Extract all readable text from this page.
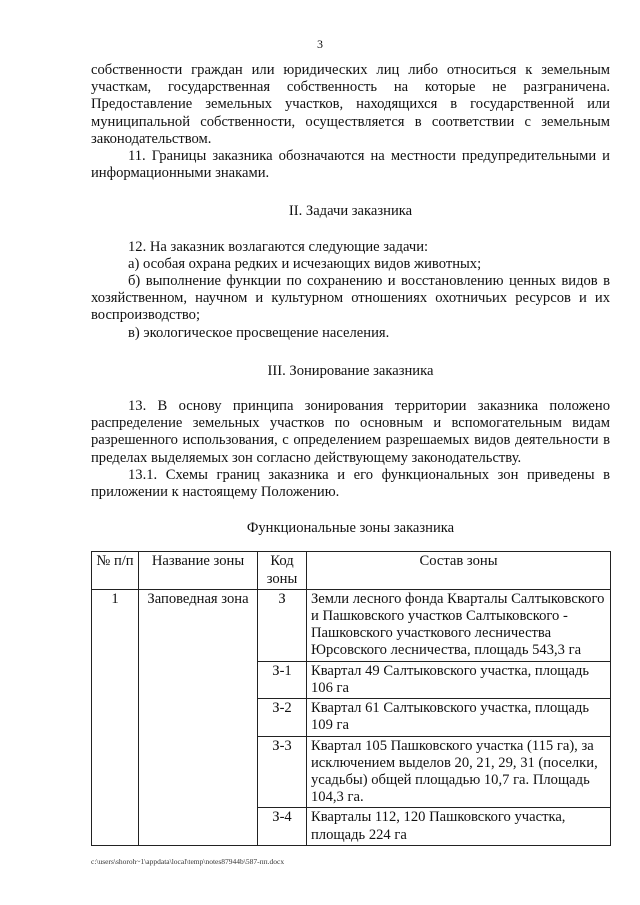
3

собственности граждан или юридических лиц либо относиться к земельным участкам, государственная собственность на которые не разграничена. Предоставление земельных участков, находящихся в государственной или муниципальной собственности, осуществляется в соответствии с земельным законодательством.

11. Границы заказника обозначаются на местности предупредительными и информационными знаками.

II. Задачи заказника

12. На заказник возлагаются следующие задачи:

а) особая охрана редких и исчезающих видов животных;

б) выполнение функции по сохранению и восстановлению ценных видов в хозяйственном, научном и культурном отношениях охотничьих ресурсов и их воспроизводство;

в) экологическое просвещение населения.

III. Зонирование заказника

13. В основу принципа зонирования территории заказника положено распределение земельных участков по основным и вспомогательным видам разрешенного использования, с определением разрешаемых видов деятельности в пределах выделяемых зон согласно действующему законодательству.

13.1. Схемы границ заказника и его функциональных зон приведены в приложении к настоящему Положению.

Функциональные зоны заказника

№ п/п	Название зоны	Код зоны	Состав зоны
1	Заповедная зона	З	Земли лесного фонда Кварталы Салтыковского и Пашковского участков Салтыковского - Пашковского участкового лесничества Юрсовского лесничества, площадь 543,3 га
		З-1	Квартал 49 Салтыковского участка, площадь 106 га
		З-2	Квартал 61 Салтыковского участка, площадь 109 га
		З-3	Квартал 105 Пашковского участка (115 га), за исключением выделов 20, 21, 29, 31 (поселки, усадьбы) общей площадью 10,7 га. Площадь 104,3 га.
		З-4	Кварталы 112, 120 Пашковского участка, площадь 224 га
c:\users\shoroh~1\appdata\local\temp\notes87944b\587-пп.docx
